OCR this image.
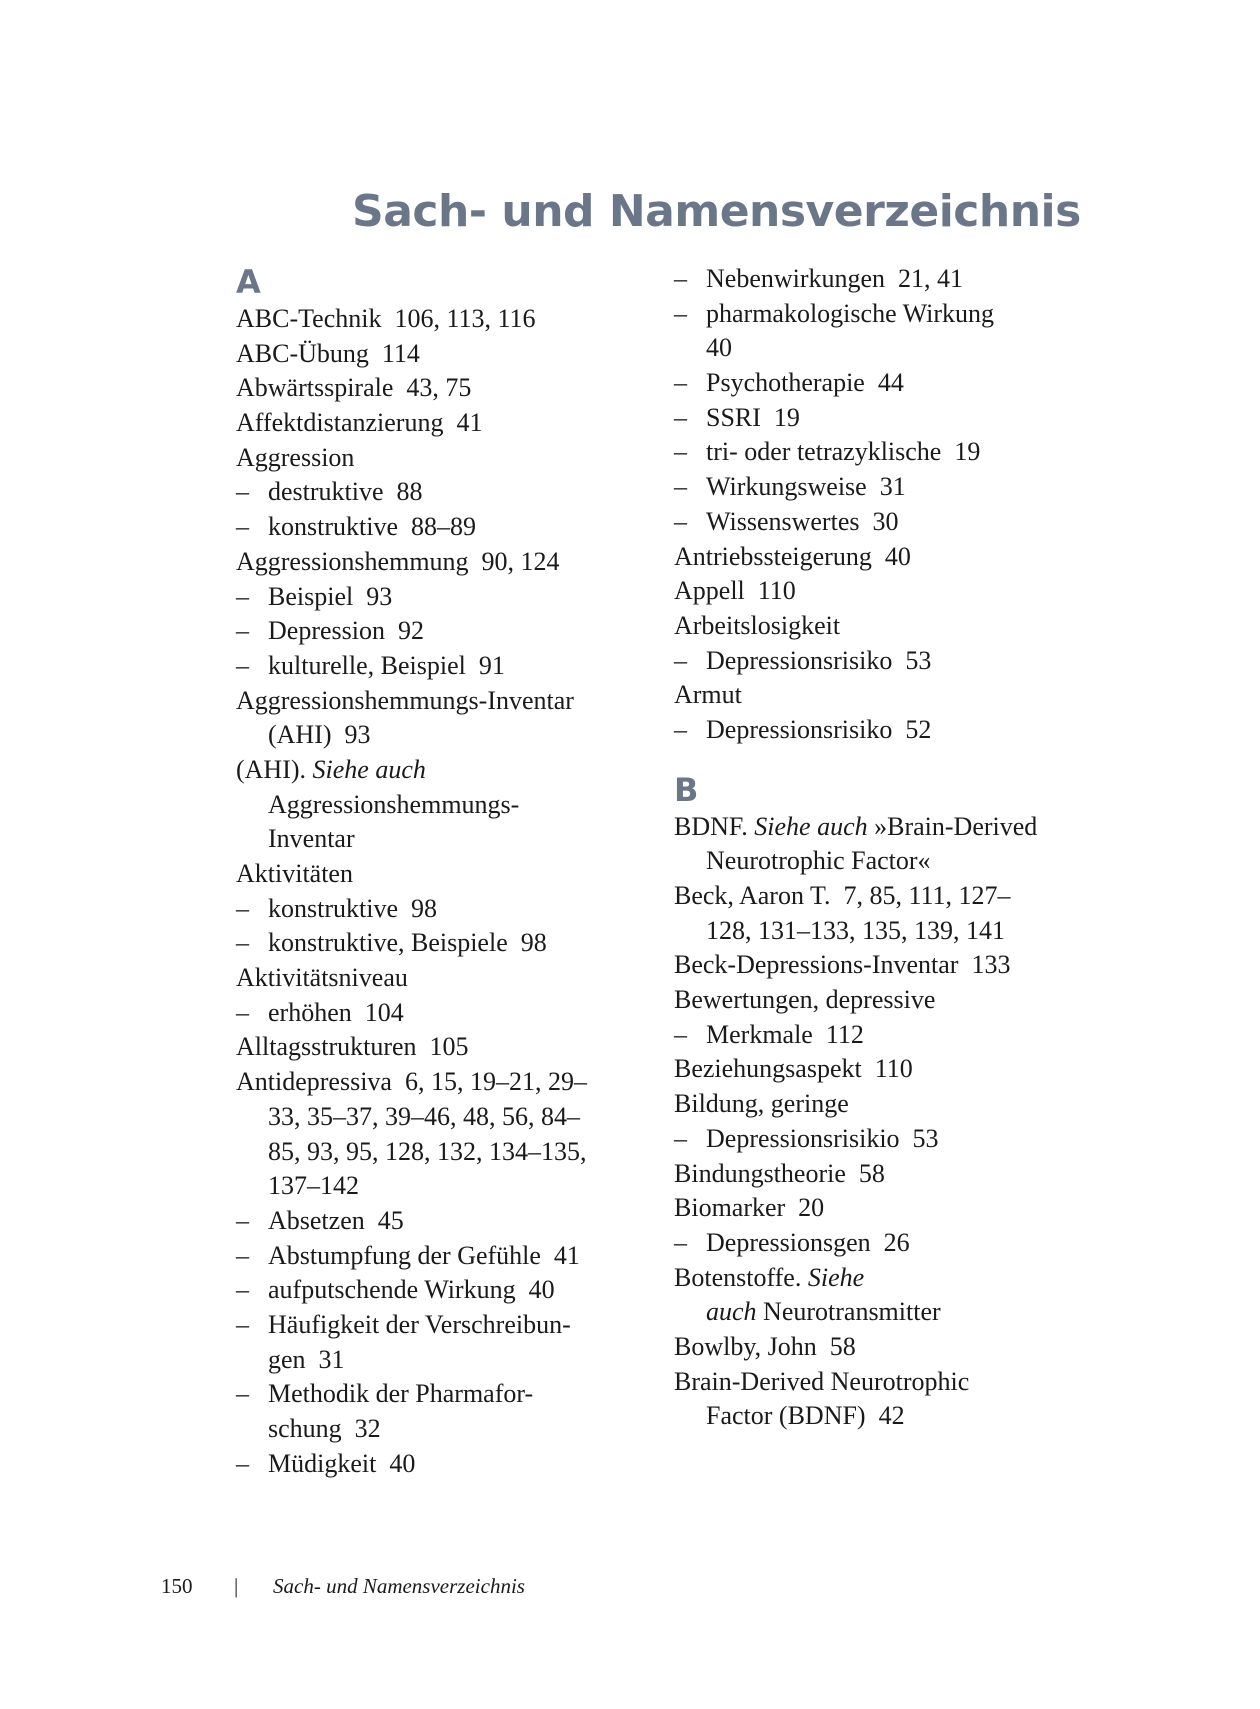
Sach- und Namensverzeichnis
A
ABC-Technik  106, 113, 116
ABC-Übung  114
Abwärtsspirale  43, 75
Affektdistanzierung  41
Aggression
– destruktive  88
– konstruktive  88–89
Aggressionshemmung  90, 124
– Beispiel  93
– Depression  92
– kulturelle, Beispiel  91
Aggressionshemmungs-Inventar
(AHI)  93
(AHI). Siehe auch
Aggressionshemmungs-
Inventar
Aktivitäten
– konstruktive  98
– konstruktive, Beispiele  98
Aktivitätsniveau
– erhöhen  104
Alltagsstrukturen  105
Antidepressiva  6, 15, 19–21, 29–
33, 35–37, 39–46, 48, 56, 84–
85, 93, 95, 128, 132, 134–135,
137–142
– Absetzen  45
– Abstumpfung der Gefühle  41
– aufputschende Wirkung  40
– Häufigkeit der Verschreibun-
gen  31
– Methodik der Pharmafor-
schung  32
– Müdigkeit  40
– Nebenwirkungen  21, 41
– pharmakologische Wirkung
40
– Psychotherapie  44
– SSRI  19
– tri- oder tetrazyklische  19
– Wirkungsweise  31
– Wissenswertes  30
Antriebssteigerung  40
Appell  110
Arbeitslosigkeit
– Depressionsrisiko  53
Armut
– Depressionsrisiko  52
B
BDNF. Siehe auch »Brain-Derived
Neurotrophic Factor«
Beck, Aaron T.  7, 85, 111, 127–
128, 131–133, 135, 139, 141
Beck-Depressions-Inventar  133
Bewertungen, depressive
– Merkmale  112
Beziehungsaspekt  110
Bildung, geringe
– Depressionsrisikio  53
Bindungstheorie  58
Biomarker  20
– Depressionsgen  26
Botenstoffe. Siehe
auch Neurotransmitter
Bowlby, John  58
Brain-Derived Neurotrophic
Factor (BDNF)  42
150 | Sach- und Namensverzeichnis
